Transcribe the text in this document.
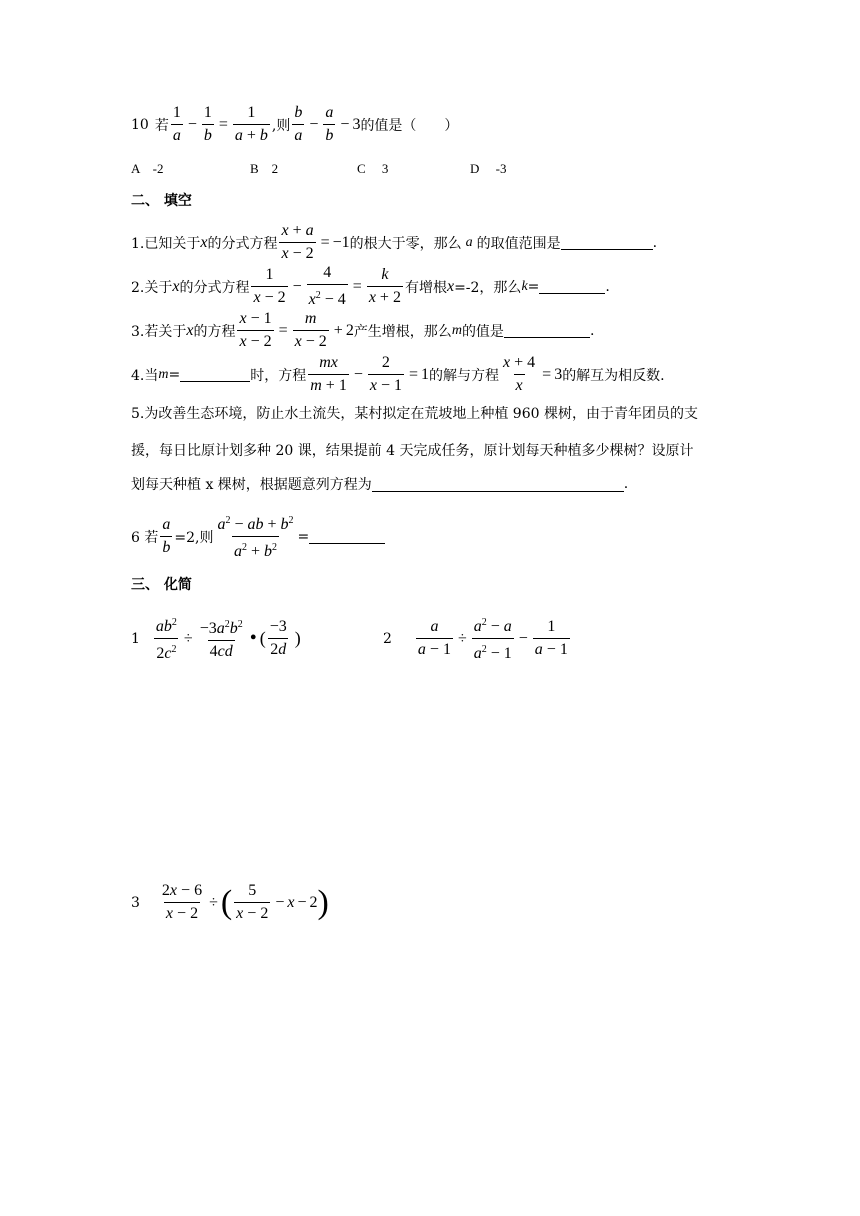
10 若 $\frac{1}{a} - \frac{1}{b} = \frac{1}{a + b}$ ,则 $\frac{b}{a} - \frac{a}{b} - 3$ 的值是（　　）
A　-2	B　2	C　 3	D　 -3
二、 填空
1.已知关于 x 的分式方程 $\frac{x + a}{x - 2} = -1$ 的根大于零，那么 a 的取值范围是	.
2.关于 x 的分式方程 $\frac{1}{x - 2} - \frac{4}{x^2 - 4} = \frac{k}{x + 2}$ 有增根 x =-2，那么 k =	.
3.若关于 x 的方程 $\frac{x - 1}{x - 2} = \frac{m}{x - 2} + 2$ 产生增根，那么 m 的值是	.
4.当 m =	时，方程 $\frac{mx}{m + 1} - \frac{2}{x - 1} = 1$ 的解与方程 $\frac{x + 4}{x} = 3$ 的解互为相反数.
5.为改善生态环境，防止水土流失，某村拟定在荒坡地上种植 960 棵树，由于青年团员的支
援，每日比原计划多种 20 课，结果提前 4 天完成任务，原计划每天种植多少棵树？设原计
划每天种植 x 棵树，根据题意列方程为	.
6 若 $\frac{a}{b} =2$,则 $\frac{a^2 - ab + b^2}{a^2 + b^2}$ =
三、 化简
$1 \frac{ab^2}{2c^2} \div \frac{-3a^2b^2}{4cd}$ • ( $\frac{-3}{2d}$ )	$2 \frac{a}{a - 1} \div \frac{a^2 - a}{a^2 - 1} - \frac{1}{a - 1}$
$3 \frac{2x - 6}{x - 2}$ ÷ ( $\frac{5}{x - 2} - x - 2$ )
